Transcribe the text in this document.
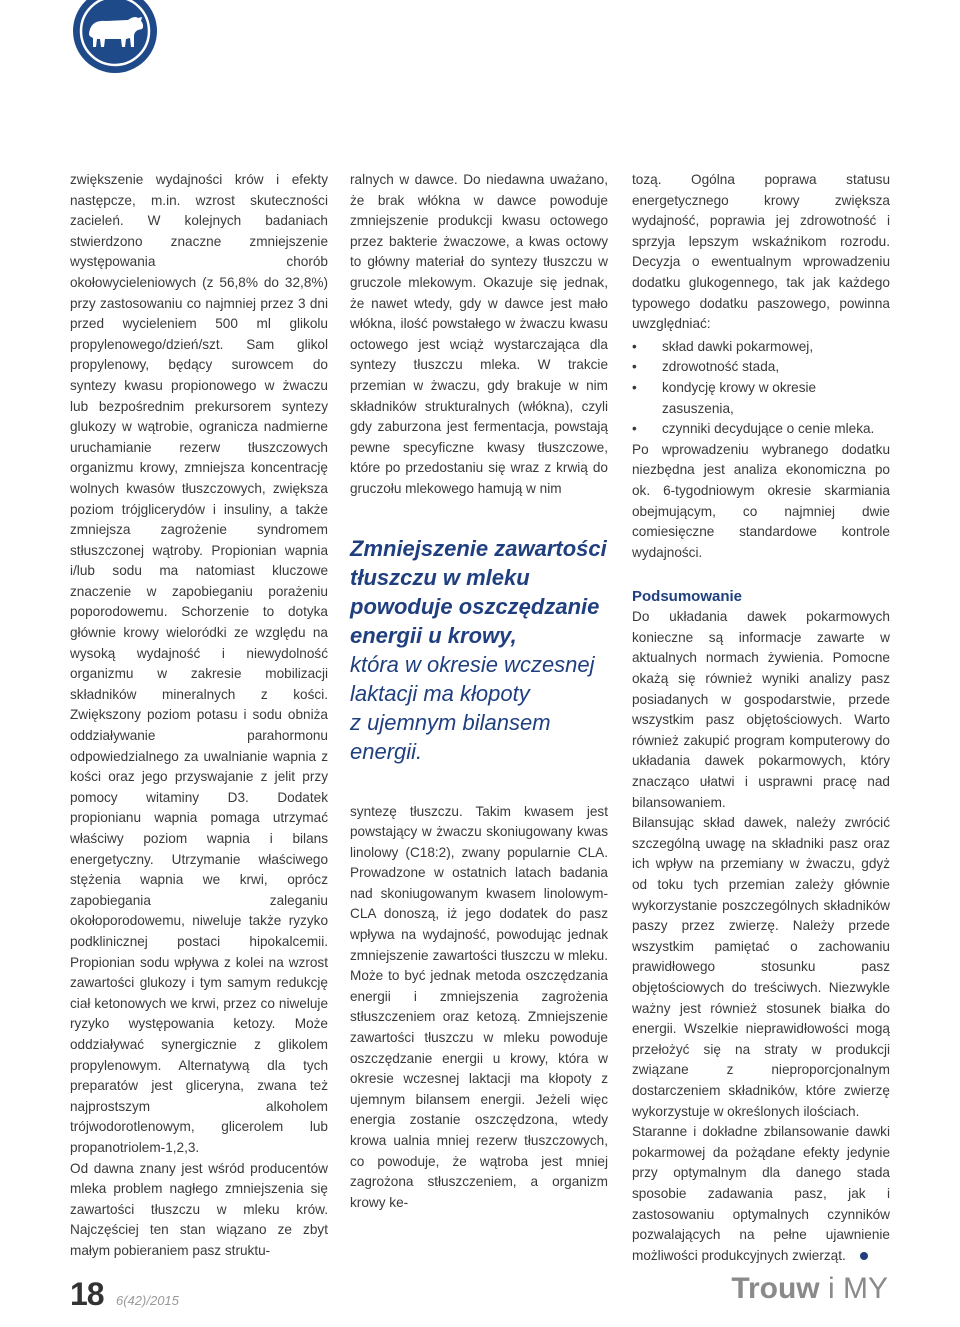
zwiększenie wydajności krów i efekty następcze, m.in. wzrost skuteczności zacieleń. W kolejnych badaniach stwierdzono znaczne zmniejszenie występowania chorób okołowycieleniowych (z 56,8% do 32,8%) przy zastosowaniu co najmniej przez 3 dni przed wycieleniem 500 ml glikolu propylenowego/dzień/szt. Sam glikol propylenowy, będący surowcem do syntezy kwasu propionowego w żwaczu lub bezpośrednim prekursorem syntezy glukozy w wątrobie, ogranicza nadmierne uruchamianie rezerw tłuszczowych organizmu krowy, zmniejsza koncentrację wolnych kwasów tłuszczowych, zwiększa poziom trójglicerydów i insuliny, a także zmniejsza zagrożenie syndromem stłuszczonej wątroby. Propionian wapnia i/lub sodu ma natomiast kluczowe znaczenie w zapobieganiu porażeniu poporodowemu. Schorzenie to dotyka głównie krowy wieloródki ze względu na wysoką wydajność i niewydolność organizmu w zakresie mobilizacji składników mineralnych z kości. Zwiększony poziom potasu i sodu obniża oddziaływanie parahormonu odpowiedzialnego za uwalnianie wapnia z kości oraz jego przyswajanie z jelit przy pomocy witaminy D3. Dodatek propionianu wapnia pomaga utrzymać właściwy poziom wapnia i bilans energetyczny. Utrzymanie właściwego stężenia wapnia we krwi, oprócz zapobiegania zaleganiu okołoporodowemu, niweluje także ryzyko podklinicznej postaci hipokalcemii. Propionian sodu wpływa z kolei na wzrost zawartości glukozy i tym samym redukcję ciał ketonowych we krwi, przez co niweluje ryzyko występowania ketozy. Może oddziaływać synergicznie z glikolem propylenowym. Alternatywą dla tych preparatów jest gliceryna, zwana też najprostszym alkoholem trójwodorotlenowym, glicerolem lub propanotriolem-1,2,3.

Od dawna znany jest wśród producentów mleka problem nagłego zmniejszenia się zawartości tłuszczu w mleku krów. Najczęściej ten stan wiązano ze zbyt małym pobieraniem pasz struktu-

ralnych w dawce. Do niedawna uważano, że brak włókna w dawce powoduje zmniejszenie produkcji kwasu octowego przez bakterie żwaczowe, a kwas octowy to główny materiał do syntezy tłuszczu w gruczole mlekowym. Okazuje się jednak, że nawet wtedy, gdy w dawce jest mało włókna, ilość powstałego w żwaczu kwasu octowego jest wciąż wystarczająca dla syntezy tłuszczu mleka. W trakcie przemian w żwaczu, gdy brakuje w nim składników strukturalnych (włókna), czyli gdy zaburzona jest fermentacja, powstają pewne specyficzne kwasy tłuszczowe, które po przedostaniu się wraz z krwią do gruczołu mlekowego hamują w nim

Zmniejszenie zawartości
tłuszczu w mleku
powoduje oszczędzanie
energii u krowy,
która w okresie wczesnej
laktacji ma kłopoty
z ujemnym bilansem
energii.

syntezę tłuszczu. Takim kwasem jest powstający w żwaczu skoniugowany kwas linolowy (C18:2), zwany popularnie CLA. Prowadzone w ostatnich latach badania nad skoniugowanym kwasem linolowym-CLA donoszą, iż jego dodatek do pasz wpływa na wydajność, powodując jednak zmniejszenie zawartości tłuszczu w mleku. Może to być jednak metoda oszczędzania energii i zmniejszenia zagrożenia stłuszczeniem oraz ketozą. Zmniejszenie zawartości tłuszczu w mleku powoduje oszczędzanie energii u krowy, która w okresie wczesnej laktacji ma kłopoty z ujemnym bilansem energii. Jeżeli więc energia zostanie oszczędzona, wtedy krowa ualnia mniej rezerw tłuszczowych, co powoduje, że wątroba jest mniej zagrożona stłuszczeniem, a organizm krowy ke-

tozą. Ogólna poprawa statusu energetycznego krowy zwiększa wydajność, poprawia jej zdrowotność i sprzyja lepszym wskaźnikom rozrodu. Decyzja o ewentualnym wprowadzeniu dodatku glukogennego, tak jak każdego typowego dodatku paszowego, powinna uwzględniać:

• skład dawki pokarmowej,
• zdrowotność stada,
• kondycję krowy w okresie zasuszenia,
• czynniki decydujące o cenie mleka.

Po wprowadzeniu wybranego dodatku niezbędna jest analiza ekonomiczna po ok. 6-tygodniowym okresie skarmiania obejmującym, co najmniej dwie comiesięczne standardowe kontrole wydajności.

Podsumowanie

Do układania dawek pokarmowych konieczne są informacje zawarte w aktualnych normach żywienia. Pomocne okażą się również wyniki analizy pasz posiadanych w gospodarstwie, przede wszystkim pasz objętościowych. Warto również zakupić program komputerowy do układania dawek pokarmowych, który znacząco ułatwi i usprawni pracę nad bilansowaniem.

Bilansując skład dawek, należy zwrócić szczególną uwagę na składniki pasz oraz ich wpływ na przemiany w żwaczu, gdyż od toku tych przemian zależy głównie wykorzystanie poszczególnych składników paszy przez zwierzę. Należy przede wszystkim pamiętać o zachowaniu prawidłowego stosunku pasz objętościowych do treściwych. Niezwykle ważny jest również stosunek białka do energii. Wszelkie nieprawidłowości mogą przełożyć się na straty w produkcji związane z nieproporcjonalnym dostarczeniem składników, które zwierzę wykorzystuje w określonych ilościach.

Staranne i dokładne zbilansowanie dawki pokarmowej da pożądane efekty jedynie przy optymalnym dla danego stada sposobie zadawania pasz, jak i zastosowaniu optymalnych czynników pozwalających na pełne ujawnienie możliwości produkcyjnych zwierząt.

18 6(42)/2015	Trouw i MY
